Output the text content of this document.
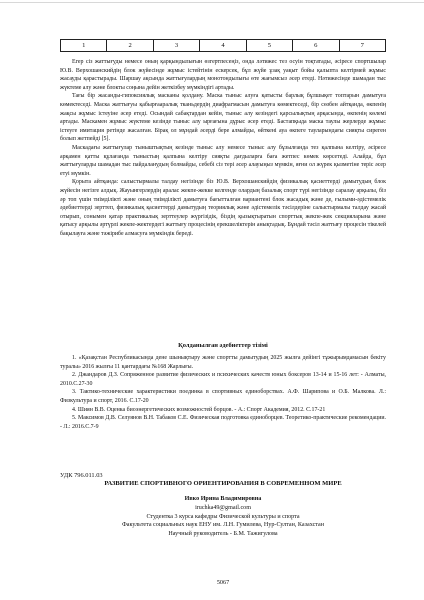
1	2	3	4	5	6	7

Егер сіз жаттығуды немесе оның қарқындылығын өзгертпесеңіз, онда ләтижес тез осуін тоқтатады, әсіресе спортшылар Ю.В. Верхошанскийдің блок жүйесінде жұмыс істейтінін ескерсек, бұл жүйе ұзақ уақыт бойы қалыпта келтірмей жұмыс жасауды қарастырады. Шаршау ақсында жаттығулардың монотондылығы өте жағымсыз әсер етеді. Нәтижесінде шамадан тыс жүктеме алу және блокты соңына дейін жеткізбеу мүмкіндігі артады.

Тағы бір жасанды-гипоксиялық масканы қолдану. Маска тыныс алуға қатысты барлық бұлшықет топтарын дамытуға көмектеседі. Маска жаттығуы қабырғааралық тканьдердің диафрагмасын дамытуға көмектеседі, бір сөзбен айтқанда, өкпенің жақсы жұмыс істеуіне әсер етеді. Осындай сабақтардан кейін, тыныс алу кезіндегі қарсылықтың арқасында, өкпенің көлемі артады. Маскамен жұмыс жүктеме кезінде тыныс алу ырғағына дұрыс әсер етеді. Бастапқыда маска таулы жерлерде жұмыс істеуге имитация ретінде жасалған. Бірақ ол мұндай әсерді бере алмайды, өйткені ауа өкпеге тауларындағы сияқты сиреген болып жетпейді [5].

Маскадағы жаттығулар тыныштықтың кезінде тыныс алу немесе тыныс алу бұзылғанда тез қалпына келтіру, әсіресе арқамен қатты құлағанда тыныстың қалпына келтіру сияқты дағдыларға баға жетпес көмек көрсетеді. Алайда, бұл жаттығуларды шамадан тыс пайдаланудың болмайды, себебі сіз тері әсер алауыңыз мүмкін, яғни ол жүрек қызметіне теріс әсер етуі мүмкін.

Қорыта айтқанда: салыстырмалы талдау негізінде біз Ю.В. Верхошанскийдің физикалық қасиеттерді дамытудың блок жүйесін негізге алдық. Жауынгерлердің аралас жекпе-жекке келгенде олардың базалық спорт түрі негізінде саралау арқылы, біз әр топ үшін тиімділікті және оның тиімділікті дамытуға бағытталған вариантені блок жасадық және де, ғылыми-әдістемелік әдебиеттерді зерттеп, физикалық қасиеттерді дамытудың теориялық және әдістемелік тәсілдеріне салыстырмалы талдау жасай отырып, сонымен қатар практикалық зерттеулер жүргізідік, біздің қызықтыратын спорттық жекпе-жек секцияларына және қатысу арқылы әртүрлі жекпе-жектердегі жаттығу процесінің ерекшеліктерін анықтадық. Бұндай тәсіл жаттығу процесін тікелей бақылауға және тәжірибе алмасуға мүмкіндік береді.

Қолданылған әдебиеттер тізімі
1. «Қазақстан Республикасында дене шынықтыру және спортты дамытудың 2025 жылға дейінгі тұжырымдамасын бекіту туралы» 2016 жылғы 11 қантардағы №168 Жарлығы.
2. Джандаров Д.З. Сопряженное развитие физических и психических качеств юных боксеров 13-14 и 15-16 лет: - Алматы, 2010.С.27-30
3. Тактико-технические характеристики поединка в спортивных единоборствах. А.Ф. Шарипова и О.Б. Малкова. Л.: Физкультура и спорт, 2016. С.17-20
4. Шиян В.В. Оценка биоэнергетических возможностей борцов. - А.: Спорт Академия, 2012. С.17-21
5. Максимов Д.В. Селуянов В.Н. Табаков С.Е. Физическая подготовка единоборцев. Теоретико-практические рекомендации. - Л.: 2016.С.7-9
УДК 796.011.03
РАЗВИТИЕ СПОРТИВНОГО ОРИЕНТИРОВАНИЯ В СОВРЕМЕННОМ МИРЕ
Ивко Ирина Владимировна
iruchka49@gmail.com
Студентка 3 курса кафедры Физической культуры и спорта
Факультета социальных наук ЕНУ им. Л.Н. Гумилева, Нур-Султан, Казахстан
Научный руководитель - Б.М. Тажигулова
5067
